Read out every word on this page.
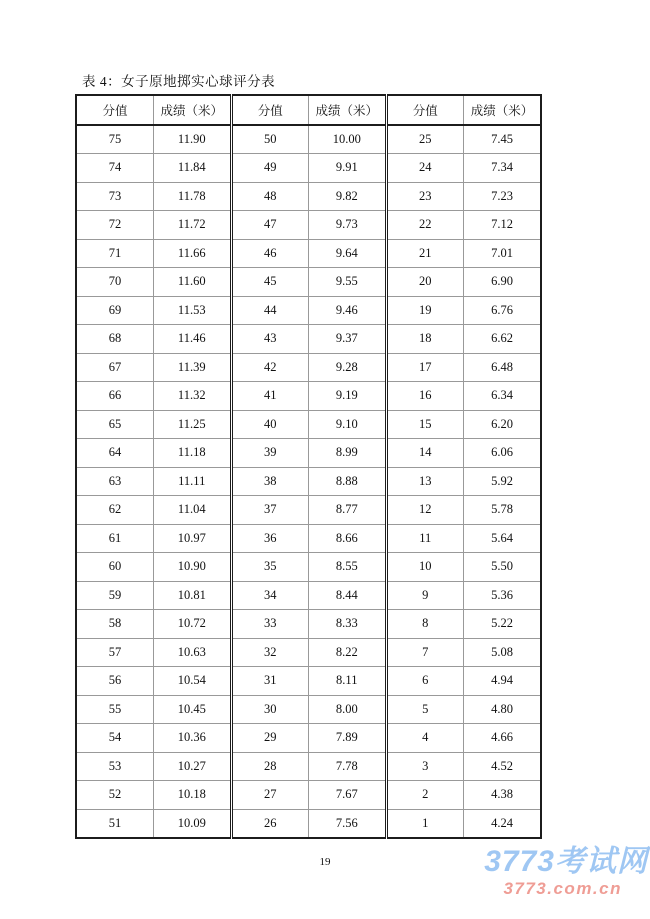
表 4：女子原地掷实心球评分表
分值	成绩（米）	分值	成绩（米）	分值	成绩（米）
75	11.90	50	10.00	25	7.45
74	11.84	49	9.91	24	7.34
73	11.78	48	9.82	23	7.23
72	11.72	47	9.73	22	7.12
71	11.66	46	9.64	21	7.01
70	11.60	45	9.55	20	6.90
69	11.53	44	9.46	19	6.76
68	11.46	43	9.37	18	6.62
67	11.39	42	9.28	17	6.48
66	11.32	41	9.19	16	6.34
65	11.25	40	9.10	15	6.20
64	11.18	39	8.99	14	6.06
63	11.11	38	8.88	13	5.92
62	11.04	37	8.77	12	5.78
61	10.97	36	8.66	11	5.64
60	10.90	35	8.55	10	5.50
59	10.81	34	8.44	9	5.36
58	10.72	33	8.33	8	5.22
57	10.63	32	8.22	7	5.08
56	10.54	31	8.11	6	4.94
55	10.45	30	8.00	5	4.80
54	10.36	29	7.89	4	4.66
53	10.27	28	7.78	3	4.52
52	10.18	27	7.67	2	4.38
51	10.09	26	7.56	1	4.24
19	3773考试网
3773.com.cn
